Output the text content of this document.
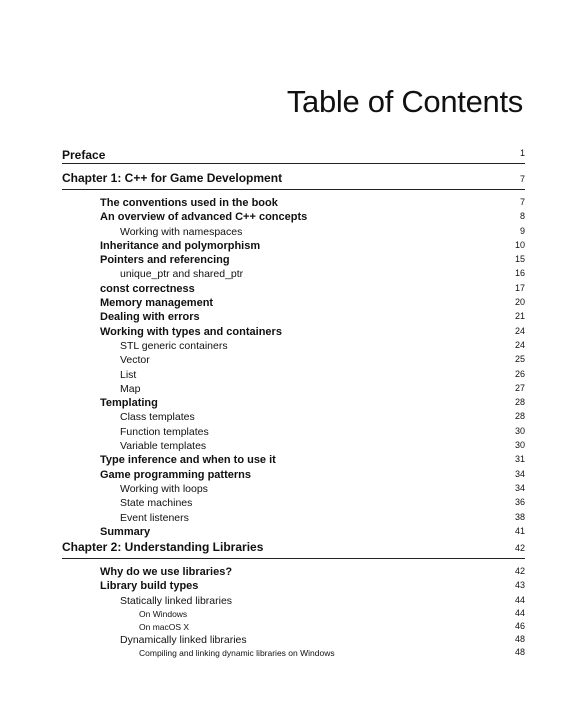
Table of Contents
Preface	1
Chapter 1: C++ for Game Development	7
The conventions used in the book	7
An overview of advanced C++ concepts	8
Working with namespaces	9
Inheritance and polymorphism	10
Pointers and referencing	15
unique_ptr and shared_ptr	16
const correctness	17
Memory management	20
Dealing with errors	21
Working with types and containers	24
STL generic containers	24
Vector	25
List	26
Map	27
Templating	28
Class templates	28
Function templates	30
Variable templates	30
Type inference and when to use it	31
Game programming patterns	34
Working with loops	34
State machines	36
Event listeners	38
Summary	41
Chapter 2: Understanding Libraries	42
Why do we use libraries?	42
Library build types	43
Statically linked libraries	44
On Windows	44
On macOS X	46
Dynamically linked libraries	48
Compiling and linking dynamic libraries on Windows	48
